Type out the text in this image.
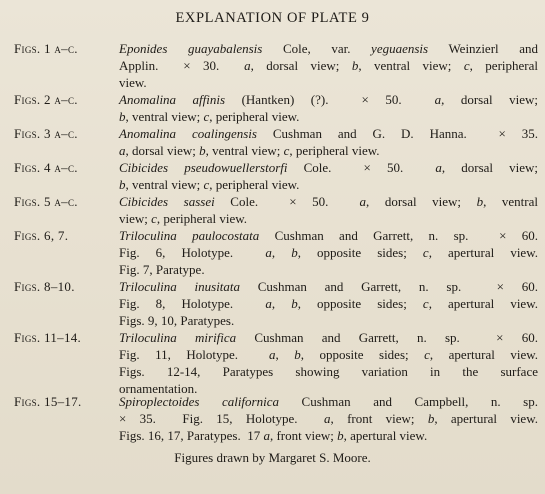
EXPLANATION OF PLATE 9
Figs. 1 a–c.	Eponides guayabalensis Cole, var. yeguaensis Weinzierl and
Applin.  × 30.  a, dorsal view; b, ventral view; c, peripheral
view.
Figs. 2 a–c.	Anomalina affinis (Hantken) (?).  × 50.  a, dorsal view;
b, ventral view; c, peripheral view.
Figs. 3 a–c.	Anomalina coalingensis Cushman and G. D. Hanna.  × 35.
a, dorsal view; b, ventral view; c, peripheral view.
Figs. 4 a–c.	Cibicides pseudowuellerstorfi Cole.  × 50.  a, dorsal view;
b, ventral view; c, peripheral view.
Figs. 5 a–c.	Cibicides sassei Cole.  × 50.  a, dorsal view; b, ventral
view; c, peripheral view.
Figs. 6, 7.	Triloculina paulocostata Cushman and Garrett, n. sp.  × 60.
Fig. 6, Holotype.  a, b, opposite sides; c, apertural view.
Fig. 7, Paratype.
Figs. 8–10.	Triloculina inusitata Cushman and Garrett, n. sp.  × 60.
Fig. 8, Holotype.  a, b, opposite sides; c, apertural view.
Figs. 9, 10, Paratypes.
Figs. 11–14.	Triloculina mirifica Cushman and Garrett, n. sp.  × 60.
Fig. 11, Holotype.  a, b, opposite sides; c, apertural view.
Figs. 12-14, Paratypes showing variation in the surface
ornamentation.
Figs. 15–17.	Spiroplectoides californica Cushman and Campbell, n. sp.
× 35.  Fig. 15, Holotype.  a, front view; b, apertural view.
Figs. 16, 17, Paratypes.  17 a, front view; b, apertural view.
Figures drawn by Margaret S. Moore.
